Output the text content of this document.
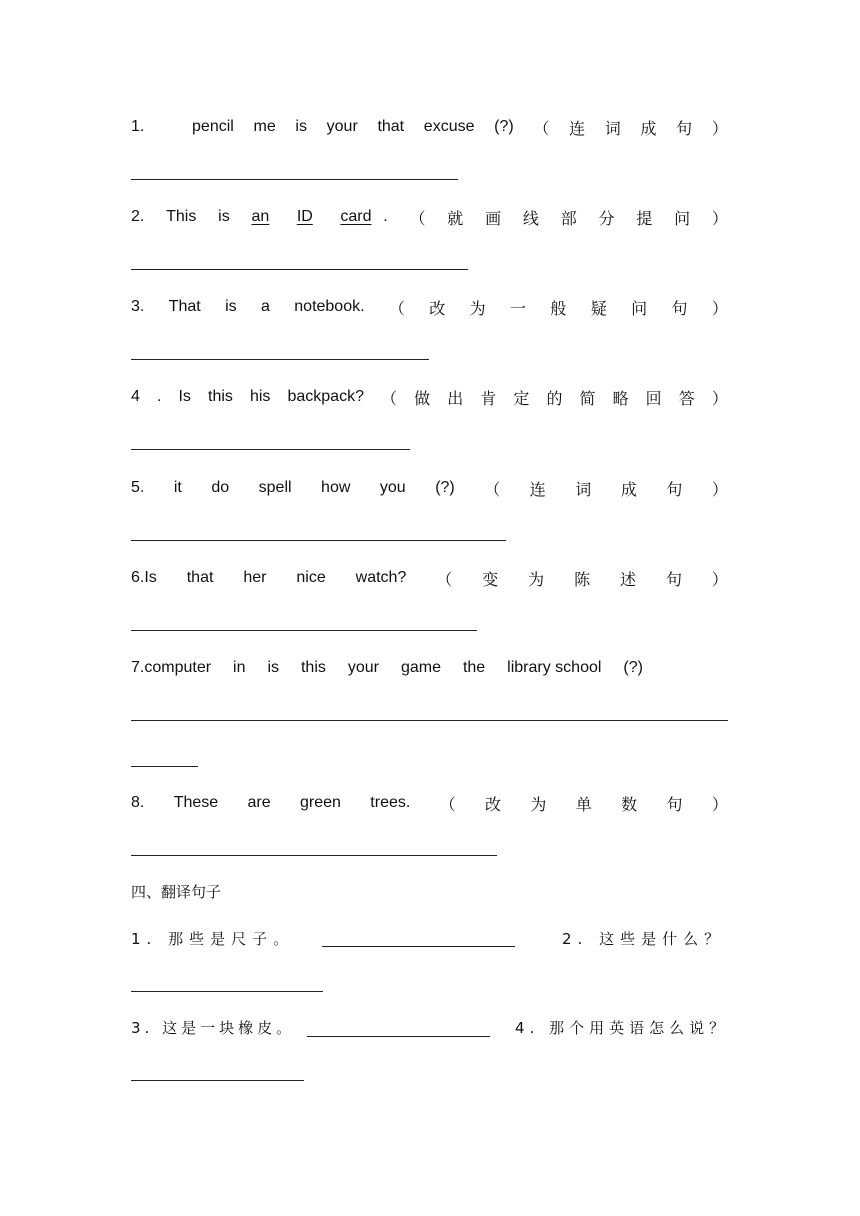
1.	pencil me is your that excuse (?) （ 连 词 成 句 ）
2. This is an ID card . （ 就 画 线 部 分 提 问 ）
3. That is a notebook. （ 改 为 一 般 疑 问 句 ）
4 . Is this his backpack? （ 做 出 肯 定 的 简 略 回 答 ）
5. it do spell how you (?) （ 连 词 成 句 ）
6.Is that her nice watch? （ 变 为 陈 述 句 ）
7.computer in is this your game the library school (?)
8. These are green trees. （ 改 为 单 数 句 ）
四、翻译句子
1. 那些是尺子。	2. 这些是什么？
3. 这是一块橡皮。	4. 那个用英语怎么说？
